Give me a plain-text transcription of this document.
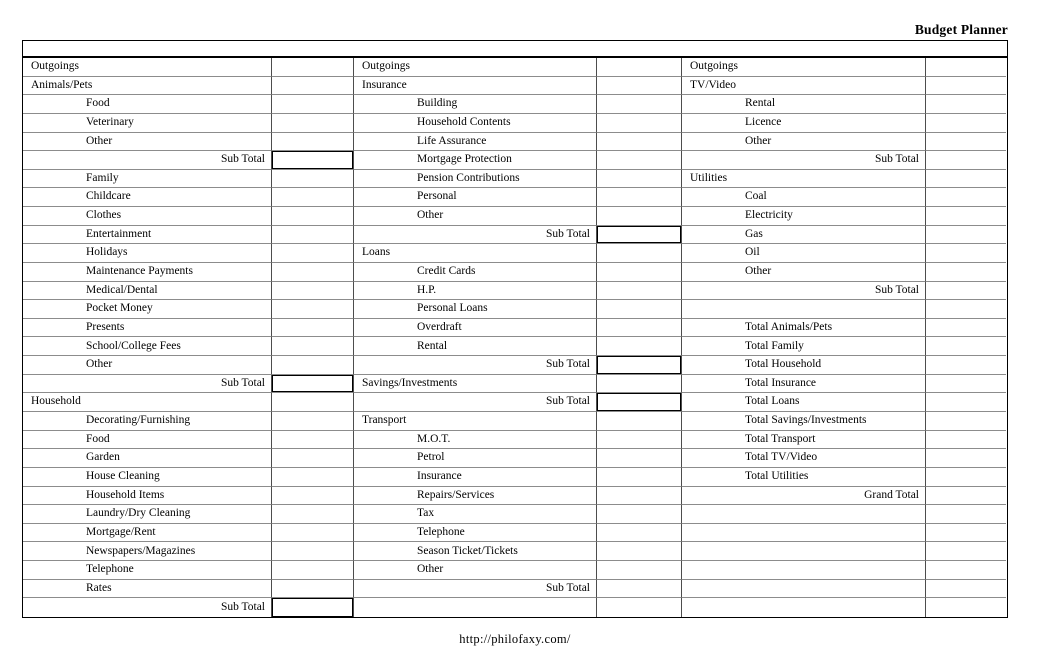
Budget Planner
Outgoings	Outgoings	Outgoings
Animals/Pets	Insurance	TV/Video
Food	Building	Rental
Veterinary	Household Contents	Licence
Other	Life Assurance	Other
Sub Total	Mortgage Protection	Sub Total
Family	Pension Contributions	Utilities
Childcare	Personal	Coal
Clothes	Other	Electricity
Entertainment	Sub Total	Gas
Holidays	Loans	Oil
Maintenance Payments	Credit Cards	Other
Medical/Dental	H.P.	Sub Total
Pocket Money	Personal Loans
Presents	Overdraft	Total Animals/Pets
School/College Fees	Rental	Total Family
Other	Sub Total	Total Household
Sub Total	Savings/Investments	Total Insurance
Household	Sub Total	Total Loans
Decorating/Furnishing	Transport	Total Savings/Investments
Food	M.O.T.	Total Transport
Garden	Petrol	Total TV/Video
House Cleaning	Insurance	Total Utilities
Household Items	Repairs/Services	Grand Total
Laundry/Dry Cleaning	Tax
Mortgage/Rent	Telephone
Newspapers/Magazines	Season Ticket/Tickets
Telephone	Other
Rates	Sub Total
Sub Total
http://philofaxy.com/
